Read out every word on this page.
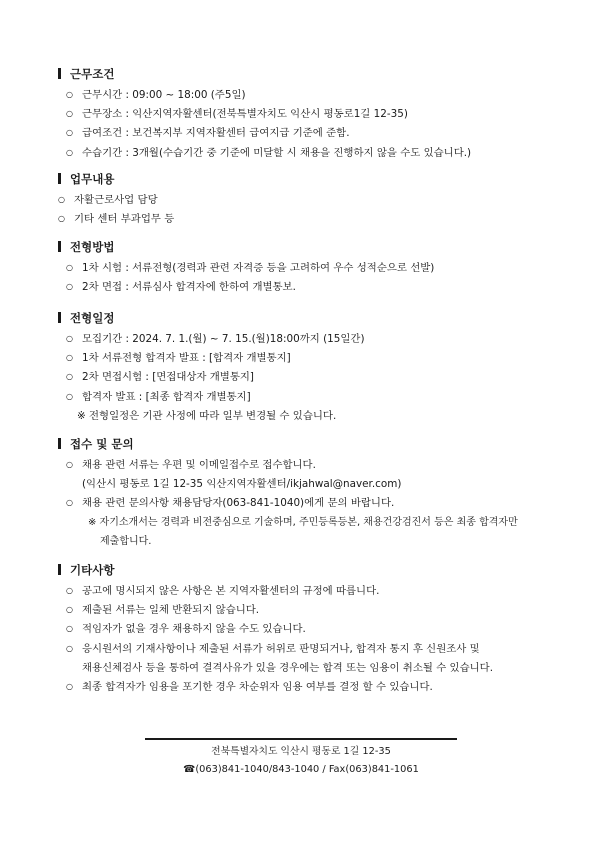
근무조건
○ 근무시간 : 09:00 ~ 18:00 (주5일)
○ 근무장소 : 익산지역자활센터(전북특별자치도 익산시 평동로1길 12-35)
○ 급여조건 : 보건복지부 지역자활센터 급여지급 기준에 준함.
○ 수습기간 : 3개월(수습기간 중 기준에 미달할 시 채용을 진행하지 않을 수도 있습니다.)
업무내용
○ 자활근로사업 담당
○ 기타 센터 부과업무 등
전형방법
○ 1차 시험 : 서류전형(경력과 관련 자격증 등을 고려하여 우수 성적순으로 선발)
○ 2차 면접 : 서류심사 합격자에 한하여 개별통보.
전형일정
○ 모집기간 : 2024. 7. 1.(월) ~ 7. 15.(월)18:00까지 (15일간)
○ 1차 서류전형 합격자 발표 : [합격자 개별통지]
○ 2차 면접시험 : [면접대상자 개별통지]
○ 합격자 발표 : [최종 합격자 개별통지]
※ 전형일정은 기관 사정에 따라 일부 변경될 수 있습니다.
접수 및 문의
○ 채용 관련 서류는 우편 및 이메일접수로 접수합니다.
(익산시 평동로 1길 12-35 익산지역자활센터/ikjahwal@naver.com)
○ 채용 관련 문의사항 채용담당자(063-841-1040)에게 문의 바랍니다.
※ 자기소개서는 경력과 비전중심으로 기술하며, 주민등록등본, 채용건강검진서 등은 최종 합격자만
제출합니다.
기타사항
○ 공고에 명시되지 않은 사항은 본 지역자활센터의 규정에 따릅니다.
○ 제출된 서류는 일체 반환되지 않습니다.
○ 적임자가 없을 경우 채용하지 않을 수도 있습니다.
○ 응시원서의 기재사항이나 제출된 서류가 허위로 판명되거나, 합격자 통지 후 신원조사 및
채용신체검사 등을 통하여 결격사유가 있을 경우에는 합격 또는 임용이 취소될 수 있습니다.
○ 최종 합격자가 임용을 포기한 경우 차순위자 임용 여부를 결정 할 수 있습니다.
전북특별자치도 익산시 평동로 1길 12-35
☎(063)841-1040/843-1040 / Fax(063)841-1061
